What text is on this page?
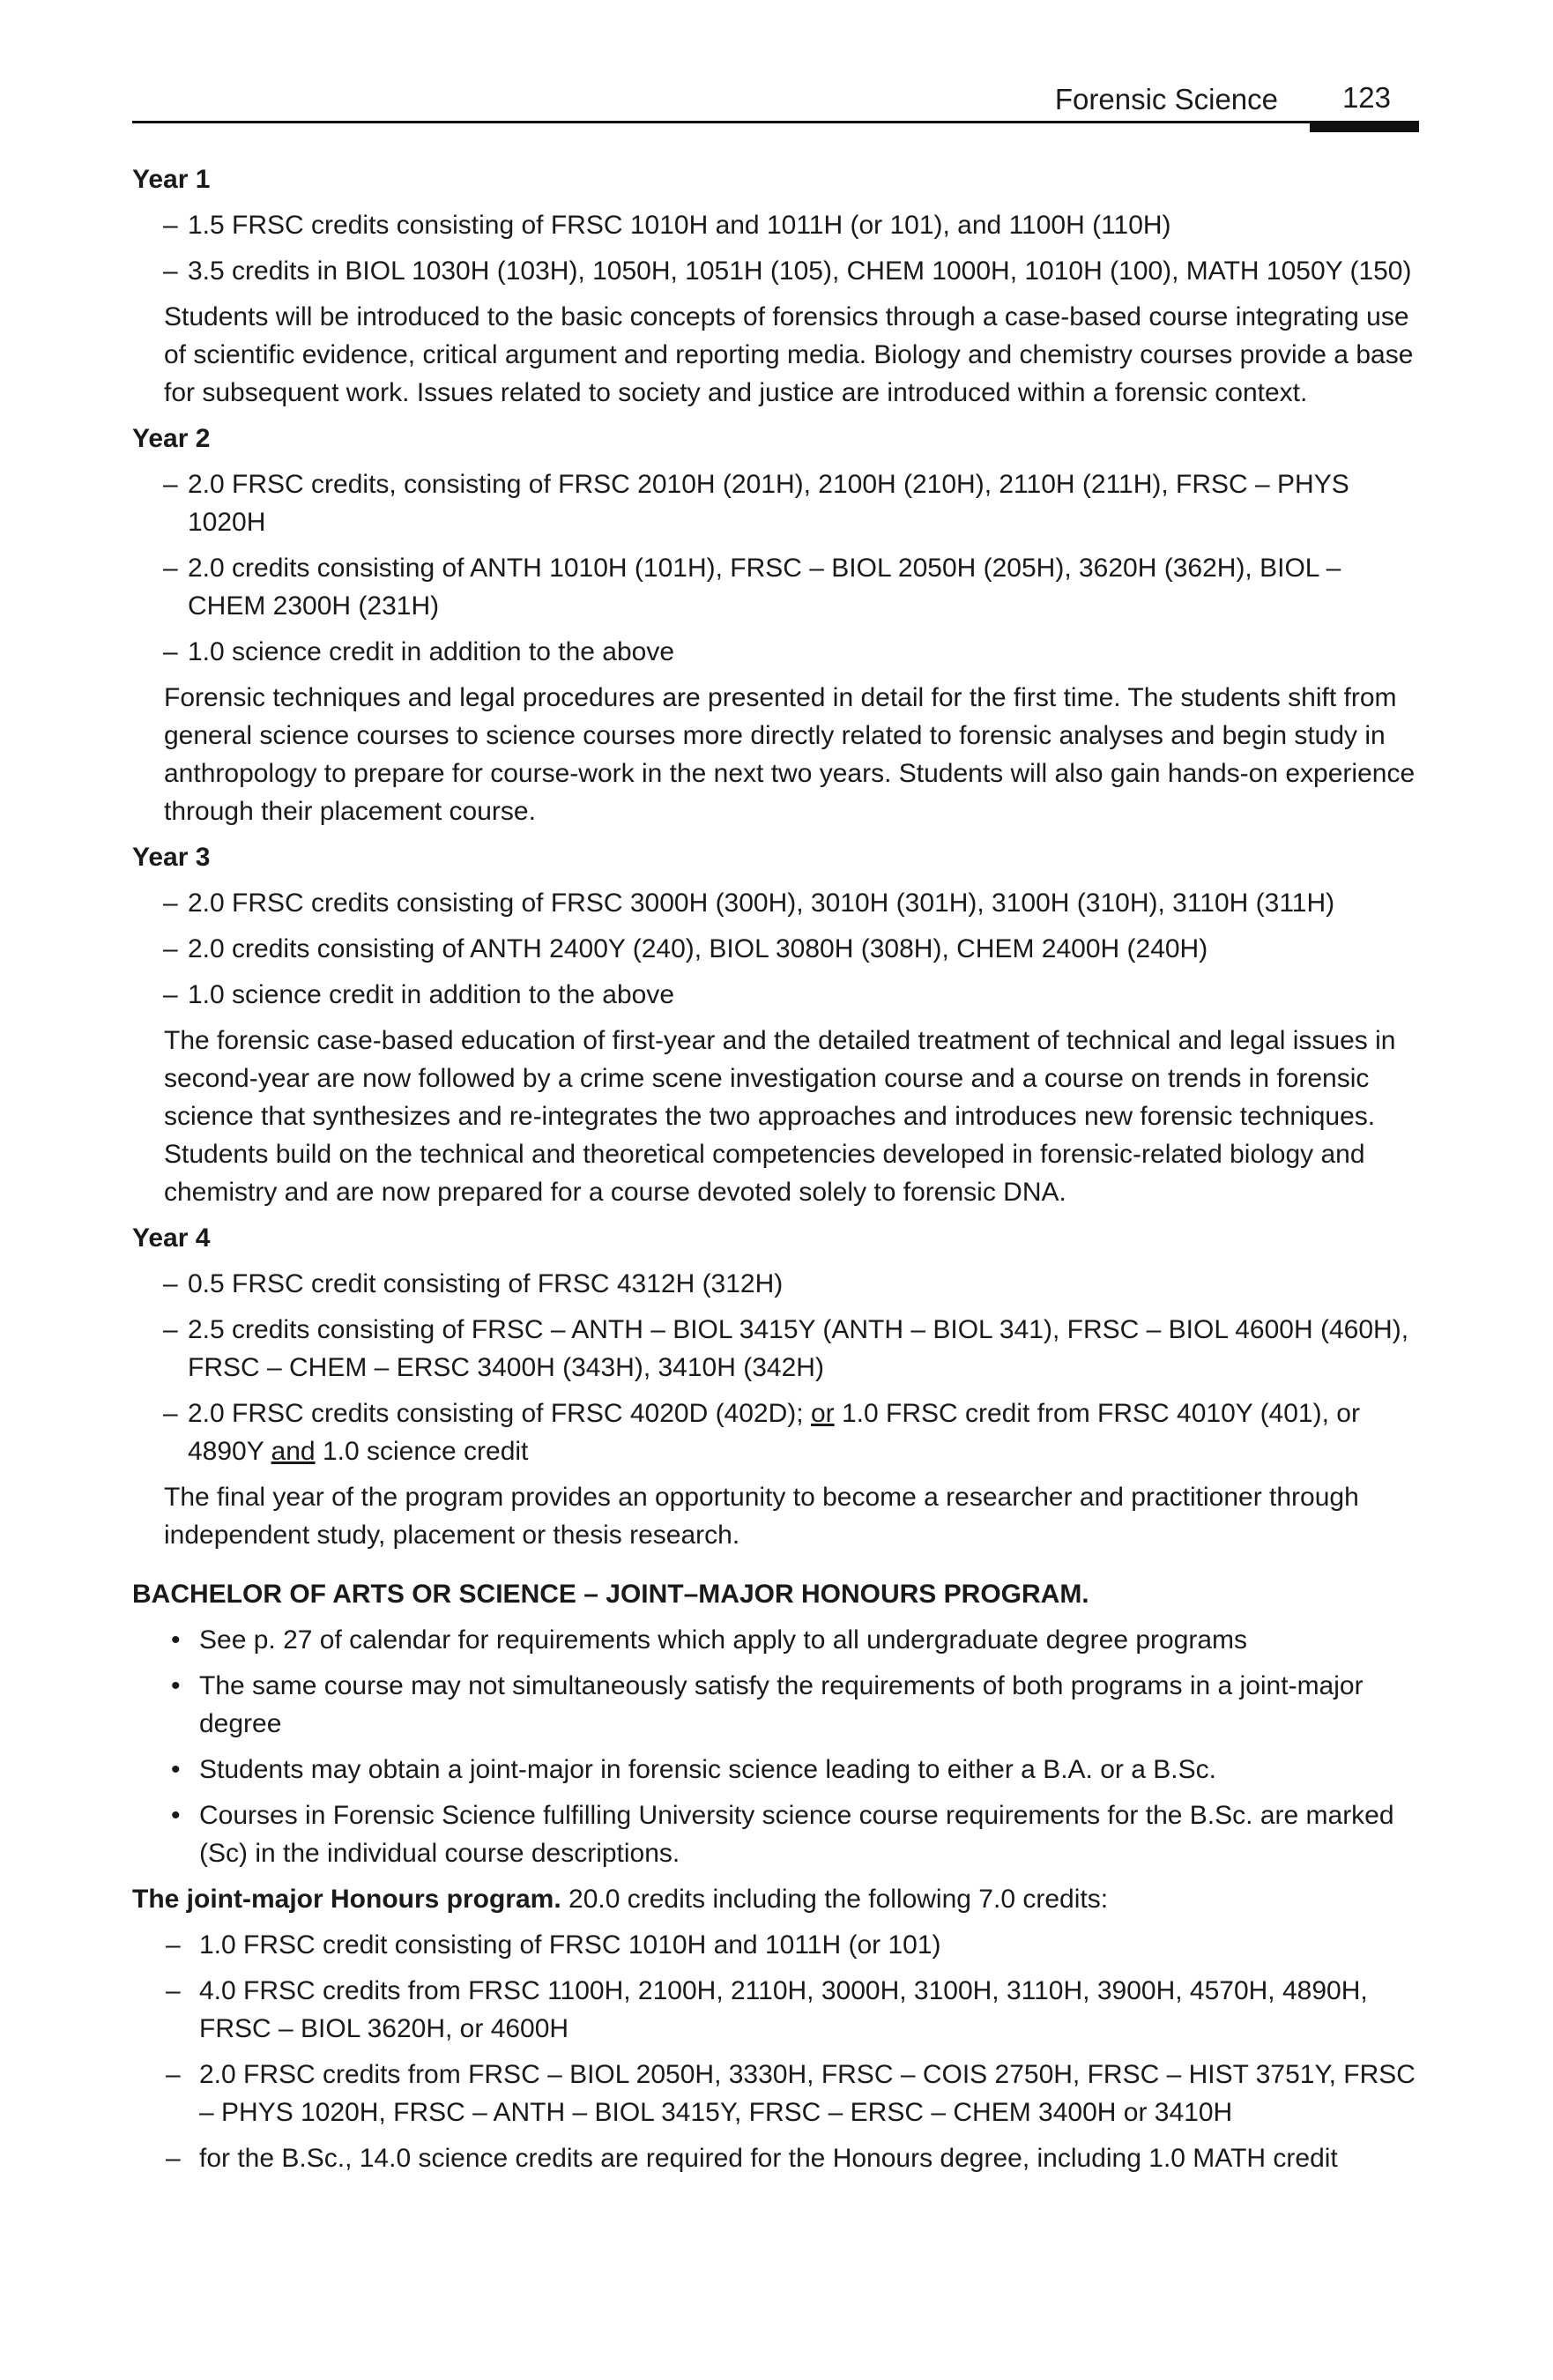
Forensic Science 123
Year 1
– 1.5 FRSC credits consisting of FRSC 1010H and 1011H (or 101), and 1100H (110H)
– 3.5 credits in BIOL 1030H (103H), 1050H, 1051H (105), CHEM 1000H, 1010H (100), MATH 1050Y (150)
Students will be introduced to the basic concepts of forensics through a case-based course integrating use of scientific evidence, critical argument and reporting media. Biology and chemistry courses provide a base for subsequent work. Issues related to society and justice are introduced within a forensic context.
Year 2
– 2.0 FRSC credits, consisting of FRSC 2010H (201H), 2100H (210H), 2110H (211H), FRSC – PHYS 1020H
– 2.0 credits consisting of ANTH 1010H (101H), FRSC – BIOL 2050H (205H), 3620H (362H), BIOL – CHEM 2300H (231H)
– 1.0 science credit in addition to the above
Forensic techniques and legal procedures are presented in detail for the first time. The students shift from general science courses to science courses more directly related to forensic analyses and begin study in anthropology to prepare for course-work in the next two years. Students will also gain hands-on experience through their placement course.
Year 3
– 2.0 FRSC credits consisting of FRSC 3000H (300H), 3010H (301H), 3100H (310H), 3110H (311H)
– 2.0 credits consisting of ANTH 2400Y (240), BIOL 3080H (308H), CHEM 2400H (240H)
– 1.0 science credit in addition to the above
The forensic case-based education of first-year and the detailed treatment of technical and legal issues in second-year are now followed by a crime scene investigation course and a course on trends in forensic science that synthesizes and re-integrates the two approaches and introduces new forensic techniques. Students build on the technical and theoretical competencies developed in forensic-related biology and chemistry and are now prepared for a course devoted solely to forensic DNA.
Year 4
– 0.5 FRSC credit consisting of FRSC 4312H (312H)
– 2.5 credits consisting of FRSC – ANTH – BIOL 3415Y (ANTH – BIOL 341), FRSC – BIOL 4600H (460H), FRSC – CHEM – ERSC 3400H (343H), 3410H (342H)
– 2.0 FRSC credits consisting of FRSC 4020D (402D); or 1.0 FRSC credit from FRSC 4010Y (401), or 4890Y and 1.0 science credit
The final year of the program provides an opportunity to become a researcher and practitioner through independent study, placement or thesis research.
BACHELOR OF ARTS OR SCIENCE – JOINT–MAJOR HONOURS PROGRAM.
• See p. 27 of calendar for requirements which apply to all undergraduate degree programs
• The same course may not simultaneously satisfy the requirements of both programs in a joint-major degree
• Students may obtain a joint-major in forensic science leading to either a B.A. or a B.Sc.
• Courses in Forensic Science fulfilling University science course requirements for the B.Sc. are marked (Sc) in the individual course descriptions.
The joint-major Honours program. 20.0 credits including the following 7.0 credits:
– 1.0 FRSC credit consisting of FRSC 1010H and 1011H (or 101)
– 4.0 FRSC credits from FRSC 1100H, 2100H, 2110H, 3000H, 3100H, 3110H, 3900H, 4570H, 4890H, FRSC – BIOL 3620H, or 4600H
– 2.0 FRSC credits from FRSC – BIOL 2050H, 3330H, FRSC – COIS 2750H, FRSC – HIST 3751Y, FRSC – PHYS 1020H, FRSC – ANTH – BIOL 3415Y, FRSC – ERSC – CHEM 3400H or 3410H
– for the B.Sc., 14.0 science credits are required for the Honours degree, including 1.0 MATH credit
